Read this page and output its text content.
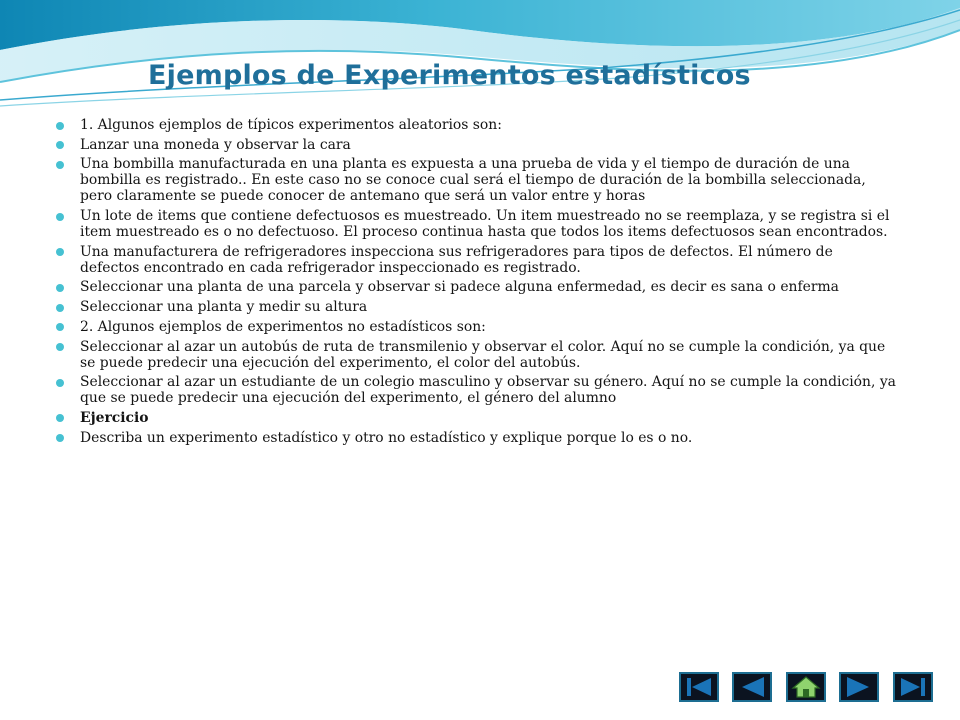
Ejemplos de Experimentos estadísticos
1. Algunos ejemplos de típicos experimentos aleatorios son:
Lanzar una moneda y observar la cara
Una bombilla manufacturada en una planta es expuesta a una prueba de vida y el tiempo de duración de una bombilla es registrado.. En este caso no se conoce cual será el tiempo de duración de la bombilla seleccionada, pero claramente se puede conocer de antemano que será un valor entre y horas
Un lote de items que contiene defectuosos es muestreado. Un item muestreado no se reemplaza, y se registra si el item muestreado es o no defectuoso. El proceso continua hasta que todos los items defectuosos sean encontrados.
Una manufacturera de refrigeradores inspecciona sus refrigeradores para tipos de defectos. El número de defectos encontrado en cada refrigerador inspeccionado es registrado.
Seleccionar una planta de una parcela y observar si padece alguna enfermedad, es decir es sana o enferma
Seleccionar una planta y medir su altura
2. Algunos ejemplos de experimentos no estadísticos son:
Seleccionar al azar un autobús de ruta de transmilenio y observar el color. Aquí no se cumple la condición, ya que se puede predecir una ejecución del experimento, el color del autobús.
Seleccionar al azar un estudiante de un colegio masculino y observar su género. Aquí no se cumple la condición, ya que se puede predecir una ejecución del experimento, el género del alumno
Ejercicio
Describa un experimento estadístico y otro no estadístico y explique porque lo es o no.
